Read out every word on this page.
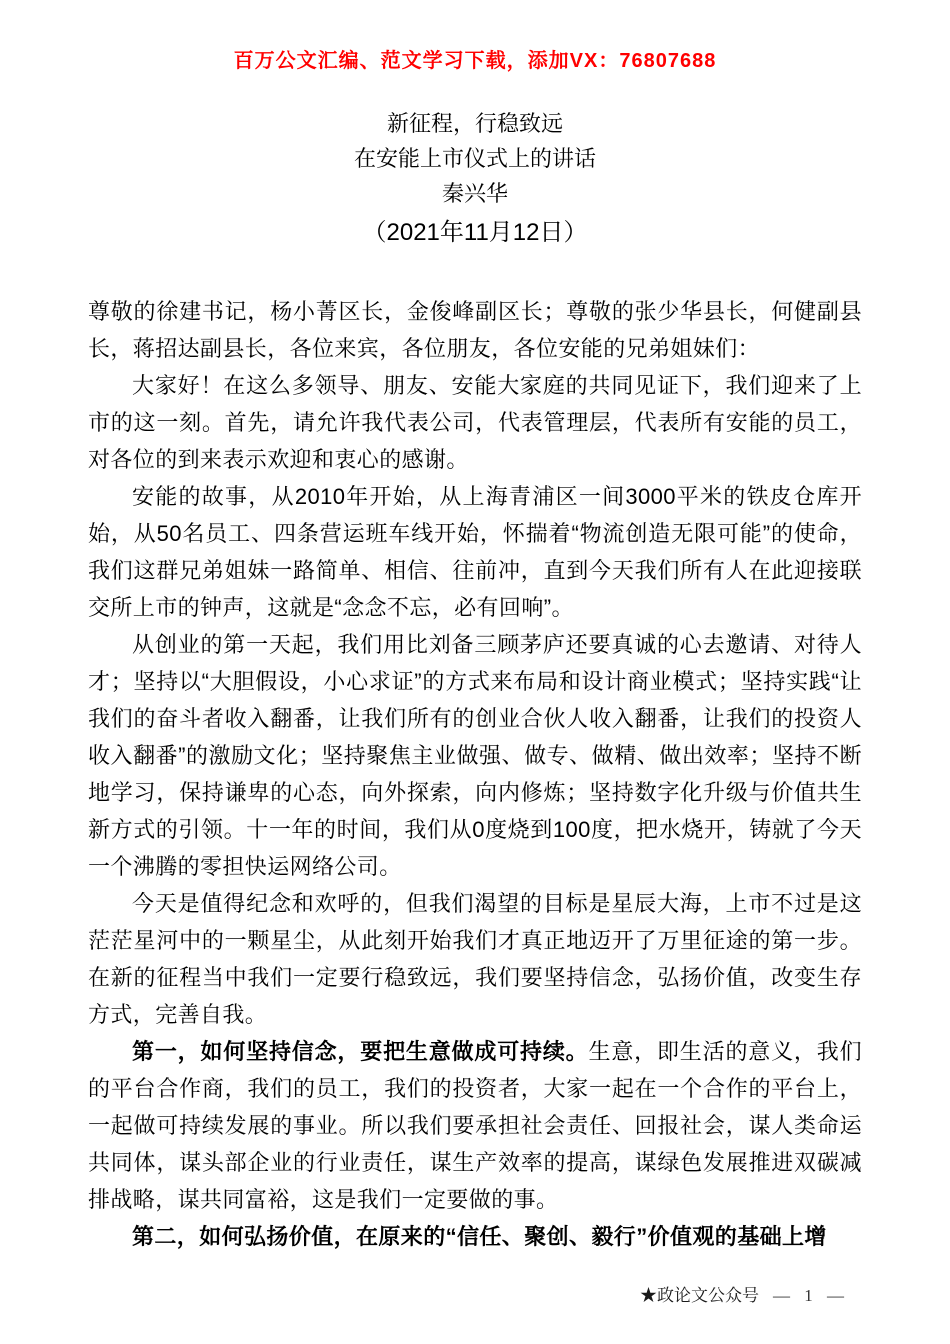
百万公文汇编、范文学习下载，添加VX：76807688
新征程，行稳致远
在安能上市仪式上的讲话
秦兴华
（2021年11月12日）

尊敬的徐建书记，杨小菁区长，金俊峰副区长；尊敬的张少华县长，何健副县长，蒋招达副县长，各位来宾，各位朋友，各位安能的兄弟姐妹们：

大家好！在这么多领导、朋友、安能大家庭的共同见证下，我们迎来了上市的这一刻。首先，请允许我代表公司，代表管理层，代表所有安能的员工，对各位的到来表示欢迎和衷心的感谢。

安能的故事，从2010年开始，从上海青浦区一间3000平米的铁皮仓库开始，从50名员工、四条营运班车线开始，怀揣着“物流创造无限可能”的使命，我们这群兄弟姐妹一路简单、相信、往前冲，直到今天我们所有人在此迎接联交所上市的钟声，这就是“念念不忘，必有回响”。

从创业的第一天起，我们用比刘备三顾茅庐还要真诚的心去邀请、对待人才；坚持以“大胆假设，小心求证”的方式来布局和设计商业模式；坚持实践“让我们的奋斗者收入翻番，让我们所有的创业合伙人收入翻番，让我们的投资人收入翻番”的激励文化；坚持聚焦主业做强、做专、做精、做出效率；坚持不断地学习，保持谦卑的心态，向外探索，向内修炼；坚持数字化升级与价值共生新方式的引领。十一年的时间，我们从0度烧到100度，把水烧开，铸就了今天一个沸腾的零担快运网络公司。

今天是值得纪念和欢呼的，但我们渴望的目标是星辰大海，上市不过是这茫茫星河中的一颗星尘，从此刻开始我们才真正地迈开了万里征途的第一步。在新的征程当中我们一定要行稳致远，我们要坚持信念，弘扬价值，改变生存方式，完善自我。

第一，如何坚持信念，要把生意做成可持续。生意，即生活的意义，我们的平台合作商，我们的员工，我们的投资者，大家一起在一个合作的平台上，一起做可持续发展的事业。所以我们要承担社会责任、回报社会，谋人类命运共同体，谋头部企业的行业责任，谋生产效率的提高，谋绿色发展推进双碳减排战略，谋共同富裕，这是我们一定要做的事。

第二，如何弘扬价值，在原来的“信任、聚创、毅行”价值观的基础上增

★政论文公众号 — 1 —
